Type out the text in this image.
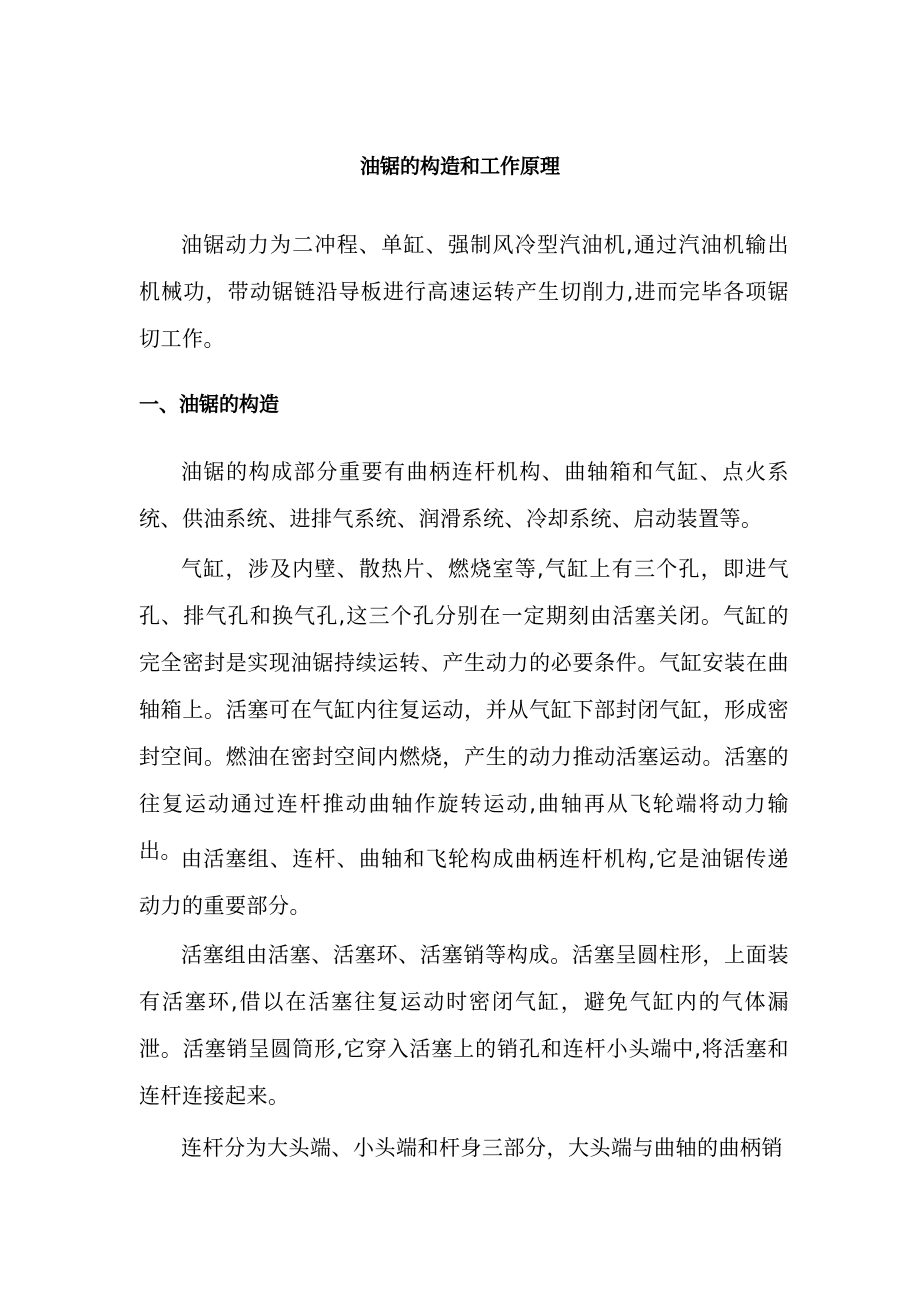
油锯的构造和工作原理

油锯动力为二冲程、单缸、强制风冷型汽油机,通过汽油机输出机械功，带动锯链沿导板进行高速运转产生切削力,进而完毕各项锯切工作。

一、油锯的构造

油锯的构成部分重要有曲柄连杆机构、曲轴箱和气缸、点火系统、供油系统、进排气系统、润滑系统、冷却系统、启动装置等。

气缸，涉及内壁、散热片、燃烧室等,气缸上有三个孔，即进气孔、排气孔和换气孔,这三个孔分别在一定期刻由活塞关闭。气缸的完全密封是实现油锯持续运转、产生动力的必要条件。气缸安装在曲轴箱上。活塞可在气缸内往复运动，并从气缸下部封闭气缸，形成密封空间。燃油在密封空间内燃烧，产生的动力推动活塞运动。活塞的往复运动通过连杆推动曲轴作旋转运动,曲轴再从飞轮端将动力输出。 由活塞组、连杆、曲轴和飞轮构成曲柄连杆机构,它是油锯传递动力的重要部分。

活塞组由活塞、活塞环、活塞销等构成。活塞呈圆柱形，上面装有活塞环,借以在活塞往复运动时密闭气缸，避免气缸内的气体漏泄。活塞销呈圆筒形,它穿入活塞上的销孔和连杆小头端中,将活塞和连杆连接起来。

连杆分为大头端、小头端和杆身三部分，大头端与曲轴的曲柄销
